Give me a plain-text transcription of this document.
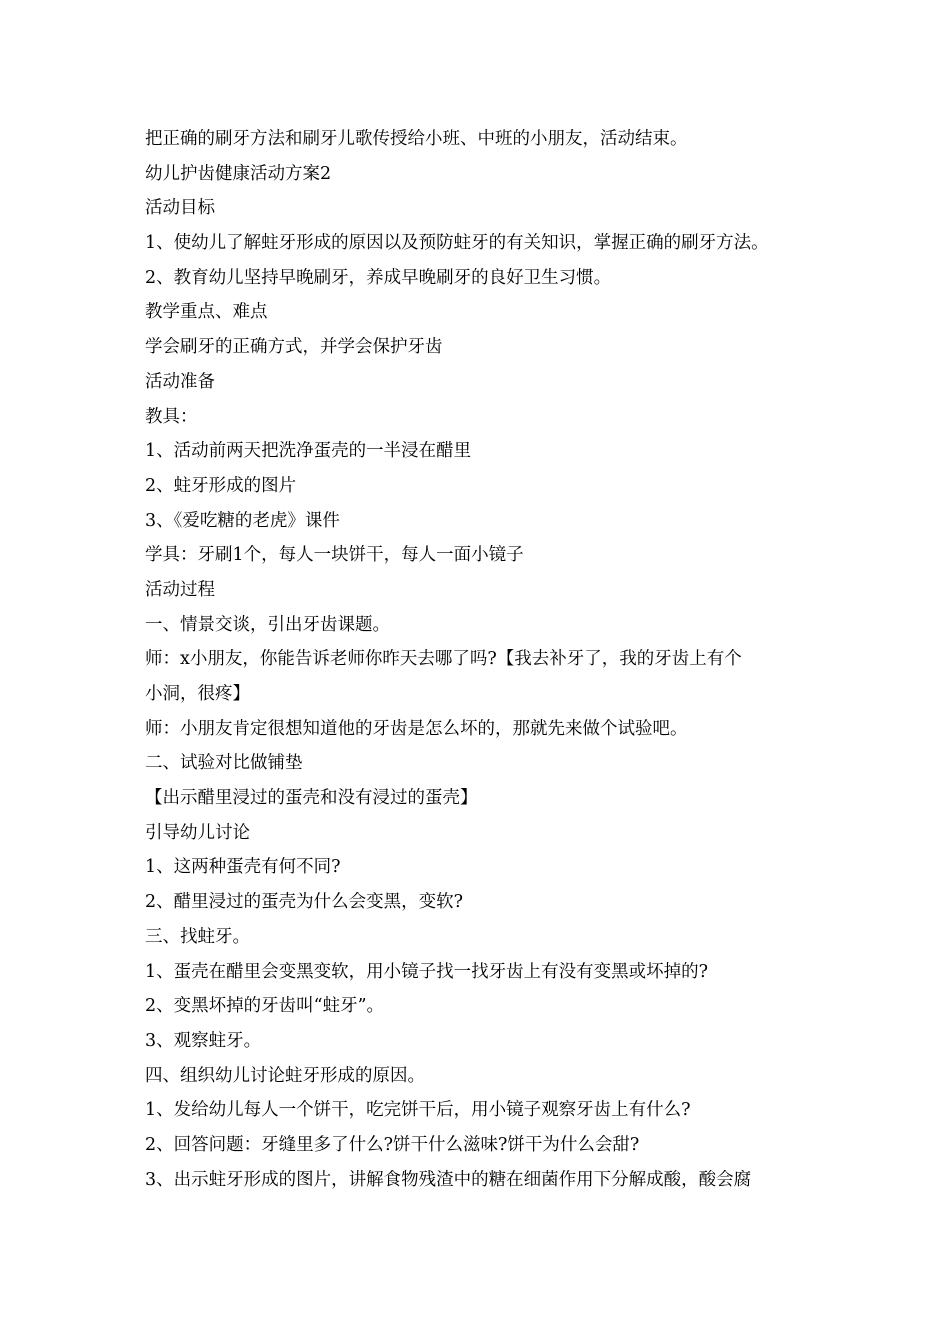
把正确的刷牙方法和刷牙儿歌传授给小班、中班的小朋友，活动结束。

幼儿护齿健康活动方案2

活动目标

1、使幼儿了解蛀牙形成的原因以及预防蛀牙的有关知识，掌握正确的刷牙方法。

2、教育幼儿坚持早晚刷牙，养成早晚刷牙的良好卫生习惯。

教学重点、难点

学会刷牙的正确方式，并学会保护牙齿

活动准备

教具：

1、活动前两天把洗净蛋壳的一半浸在醋里

2、蛀牙形成的图片

3、《爱吃糖的老虎》课件

学具：牙刷1个，每人一块饼干，每人一面小镜子

活动过程

一、情景交谈，引出牙齿课题。

师：x小朋友，你能告诉老师你昨天去哪了吗?【我去补牙了，我的牙齿上有个

小洞，很疼】

师：小朋友肯定很想知道他的牙齿是怎么坏的，那就先来做个试验吧。

二、试验对比做铺垫

【出示醋里浸过的蛋壳和没有浸过的蛋壳】

引导幼儿讨论

1、这两种蛋壳有何不同?

2、醋里浸过的蛋壳为什么会变黑，变软?

三、找蛀牙。

1、蛋壳在醋里会变黑变软，用小镜子找一找牙齿上有没有变黑或坏掉的?

2、变黑坏掉的牙齿叫“蛀牙”。

3、观察蛀牙。

四、组织幼儿讨论蛀牙形成的原因。

1、发给幼儿每人一个饼干，吃完饼干后，用小镜子观察牙齿上有什么?

2、回答问题：牙缝里多了什么?饼干什么滋味?饼干为什么会甜?

3、出示蛀牙形成的图片，讲解食物残渣中的糖在细菌作用下分解成酸，酸会腐
